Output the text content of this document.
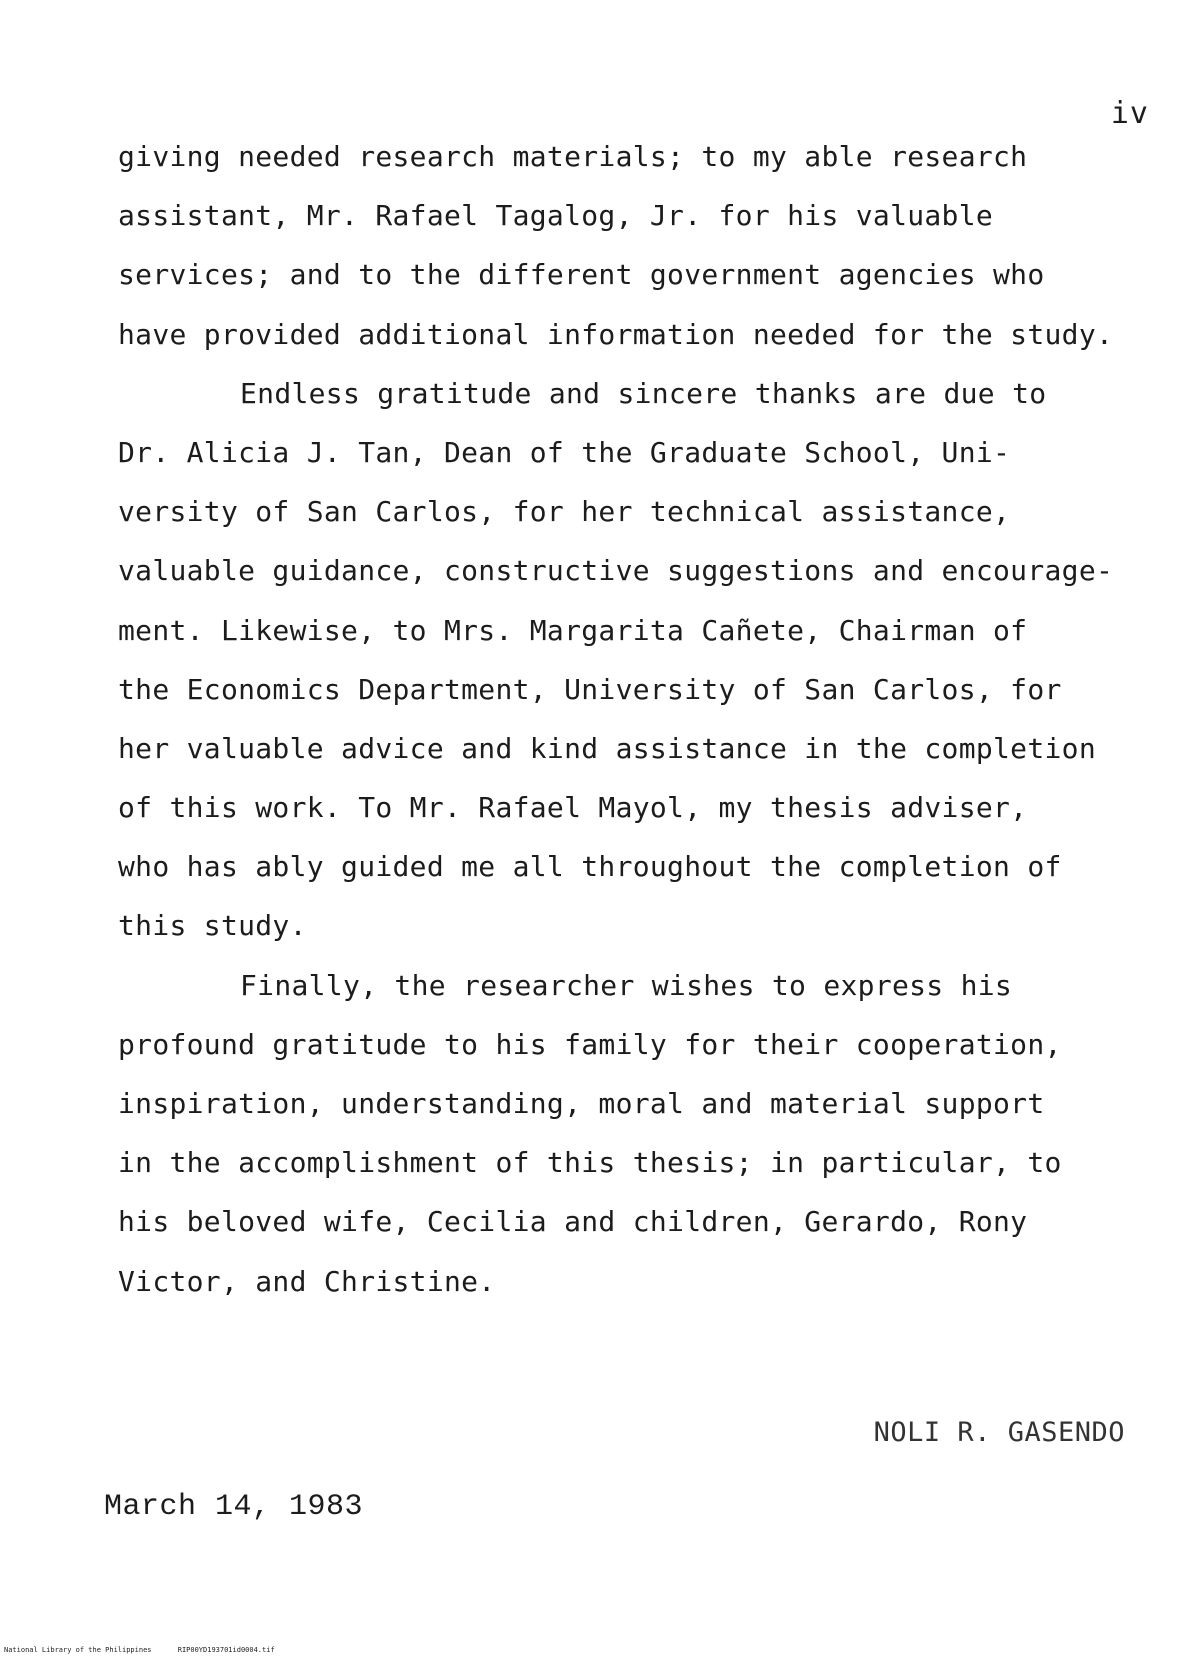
iv
giving needed research materials; to my able research
assistant, Mr. Rafael Tagalog, Jr. for his valuable
services; and to the different government agencies who
have provided additional information needed for the study.
Endless gratitude and sincere thanks are due to
Dr. Alicia J. Tan, Dean of the Graduate School, Uni-
versity of San Carlos, for her technical assistance,
valuable guidance, constructive suggestions and encourage-
ment. Likewise, to Mrs. Margarita Cañete, Chairman of
the Economics Department, University of San Carlos, for
her valuable advice and kind assistance in the completion
of this work. To Mr. Rafael Mayol, my thesis adviser,
who has ably guided me all throughout the completion of
this study.
Finally, the researcher wishes to express his
profound gratitude to his family for their cooperation,
inspiration, understanding, moral and material support
in the accomplishment of this thesis; in particular, to
his beloved wife, Cecilia and children, Gerardo, Rony
Victor, and Christine.
NOLI R. GASENDO
March 14, 1983
National Library of the Philippines	RIP00YD193701id0004.tif
